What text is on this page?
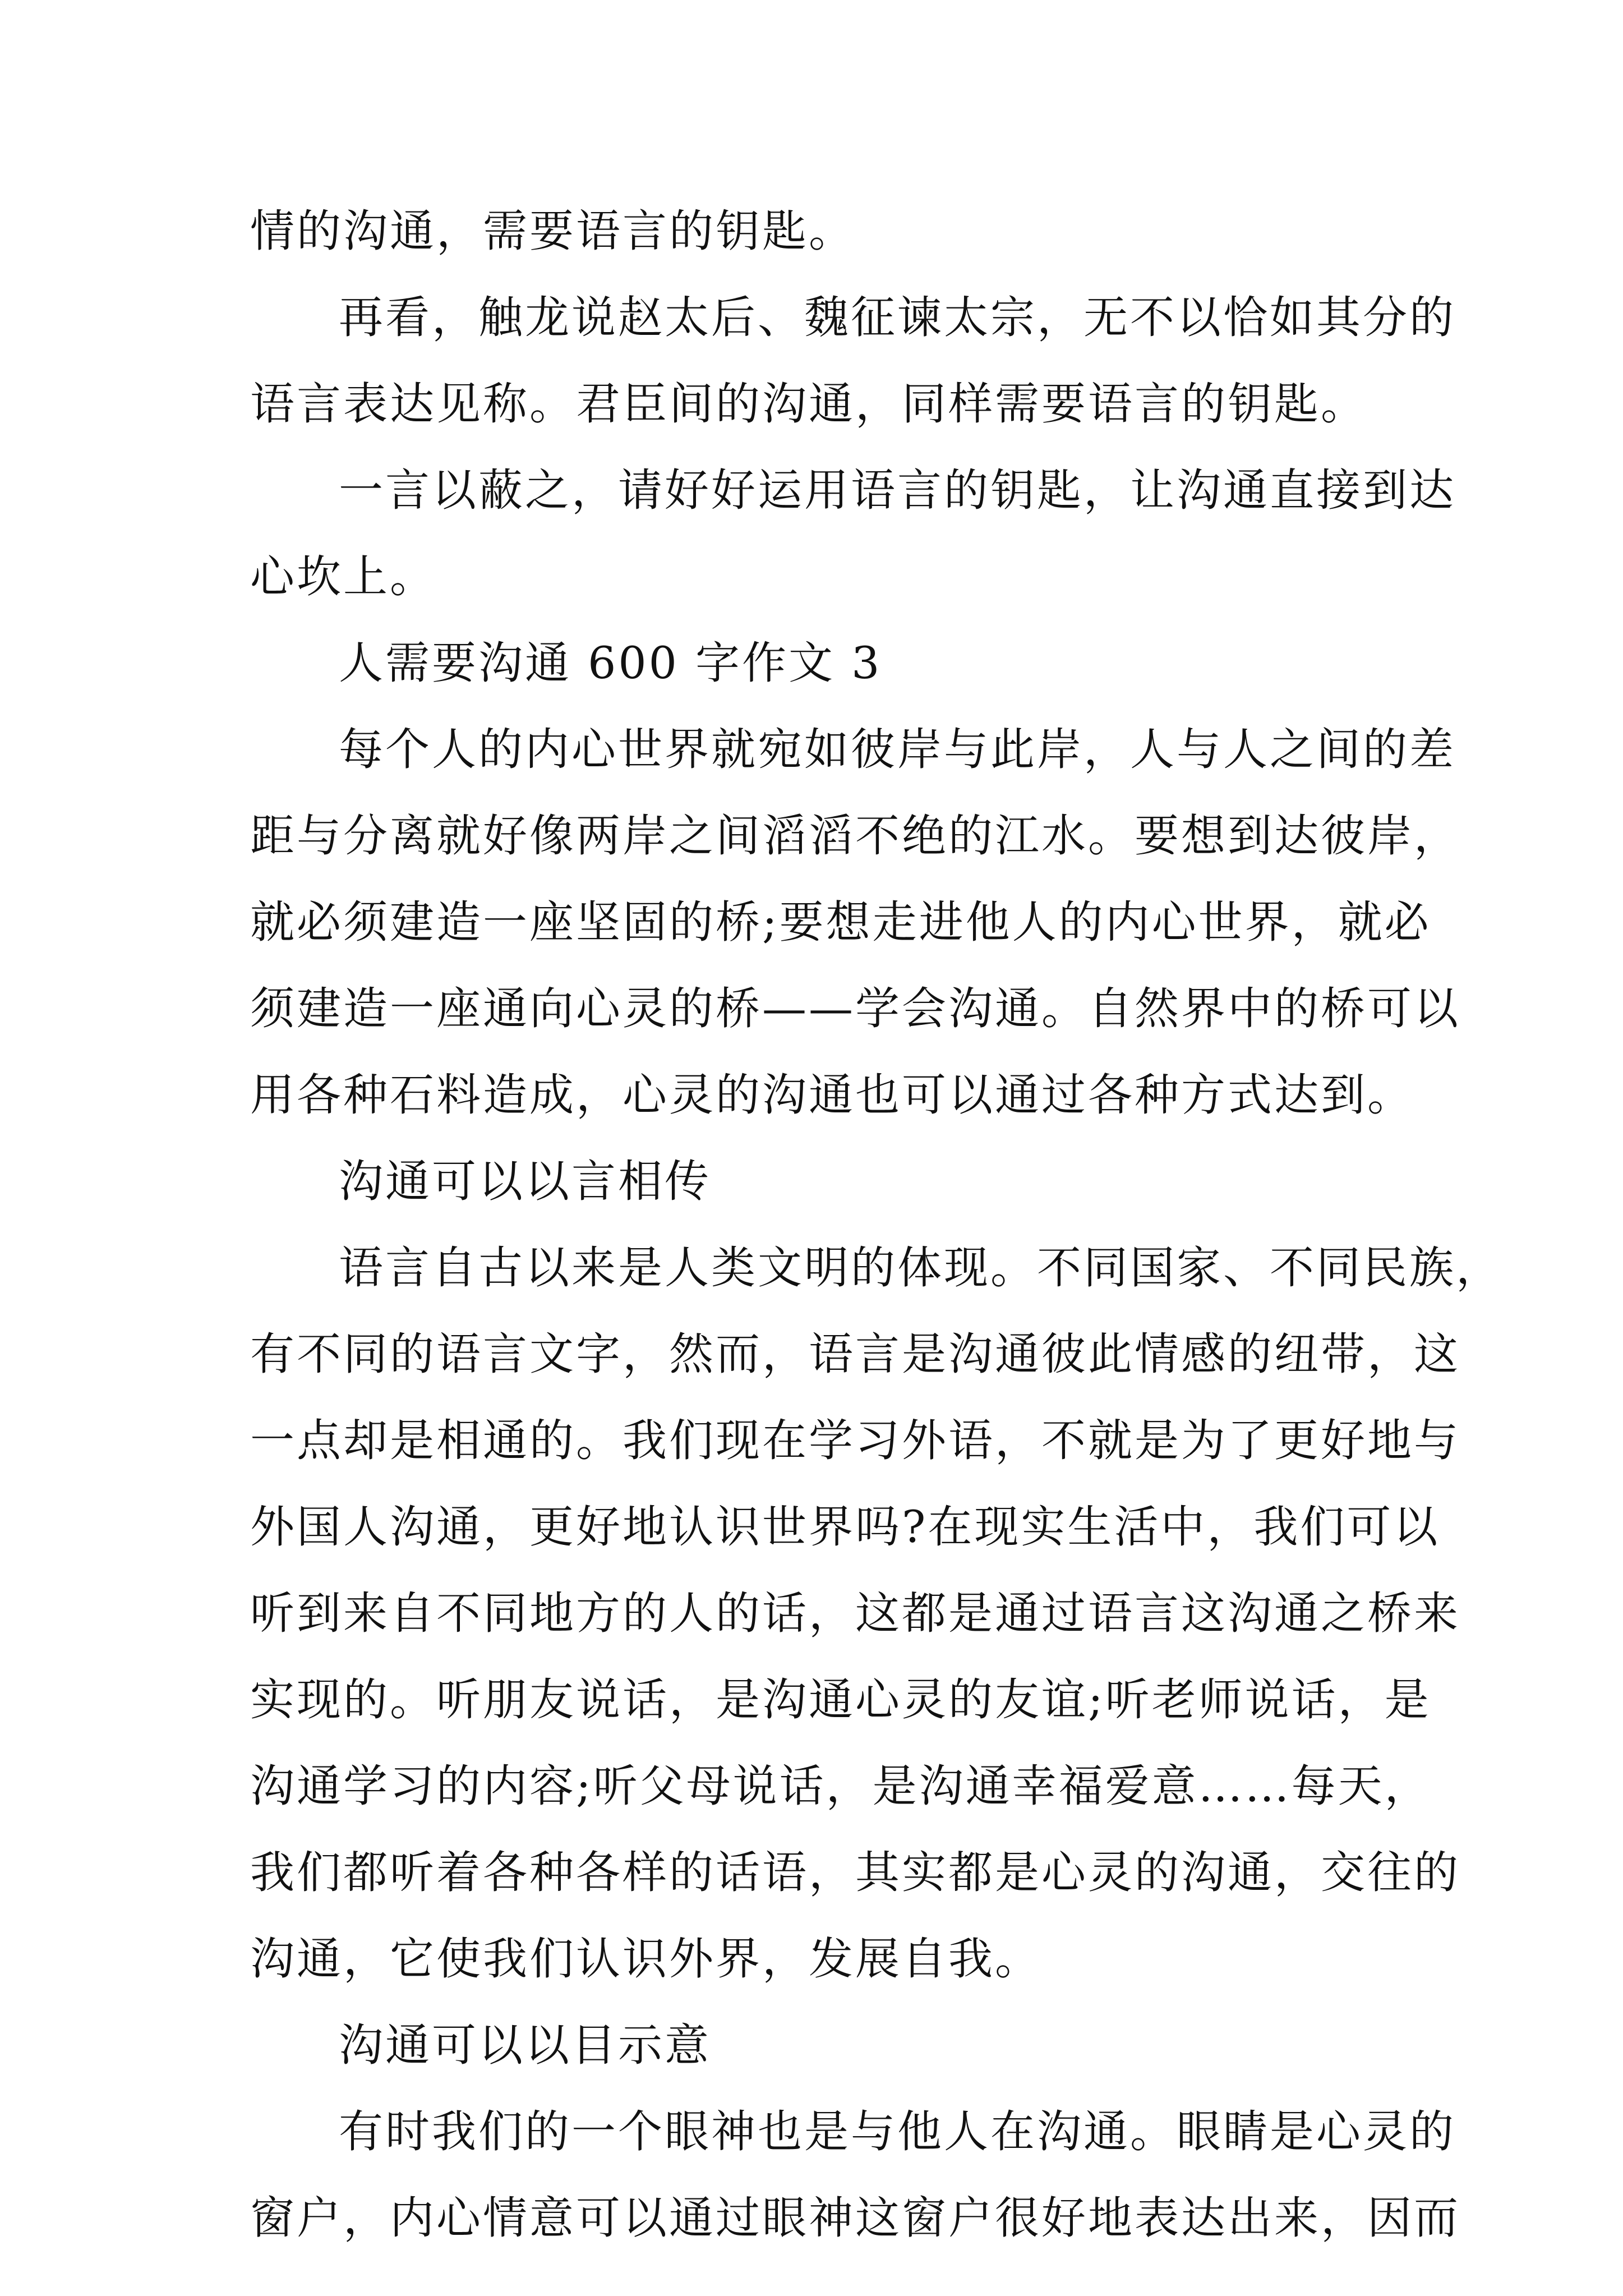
情的沟通，需要语言的钥匙。
再看，触龙说赵太后、魏征谏太宗，无不以恰如其分的
语言表达见称。君臣间的沟通，同样需要语言的钥匙。
一言以蔽之，请好好运用语言的钥匙，让沟通直接到达
心坎上。
人需要沟通 600 字作文 3
每个人的内心世界就宛如彼岸与此岸，人与人之间的差
距与分离就好像两岸之间滔滔不绝的江水。要想到达彼岸，
就必须建造一座坚固的桥;要想走进他人的内心世界，就必
须建造一座通向心灵的桥——学会沟通。自然界中的桥可以
用各种石料造成，心灵的沟通也可以通过各种方式达到。
沟通可以以言相传
语言自古以来是人类文明的体现。不同国家、不同民族，
有不同的语言文字，然而，语言是沟通彼此情感的纽带，这
一点却是相通的。我们现在学习外语，不就是为了更好地与
外国人沟通，更好地认识世界吗?在现实生活中，我们可以
听到来自不同地方的人的话，这都是通过语言这沟通之桥来
实现的。听朋友说话，是沟通心灵的友谊;听老师说话，是
沟通学习的内容;听父母说话，是沟通幸福爱意……每天，
我们都听着各种各样的话语，其实都是心灵的沟通，交往的
沟通，它使我们认识外界，发展自我。
沟通可以以目示意
有时我们的一个眼神也是与他人在沟通。眼睛是心灵的
窗户，内心情意可以通过眼神这窗户很好地表达出来，因而
